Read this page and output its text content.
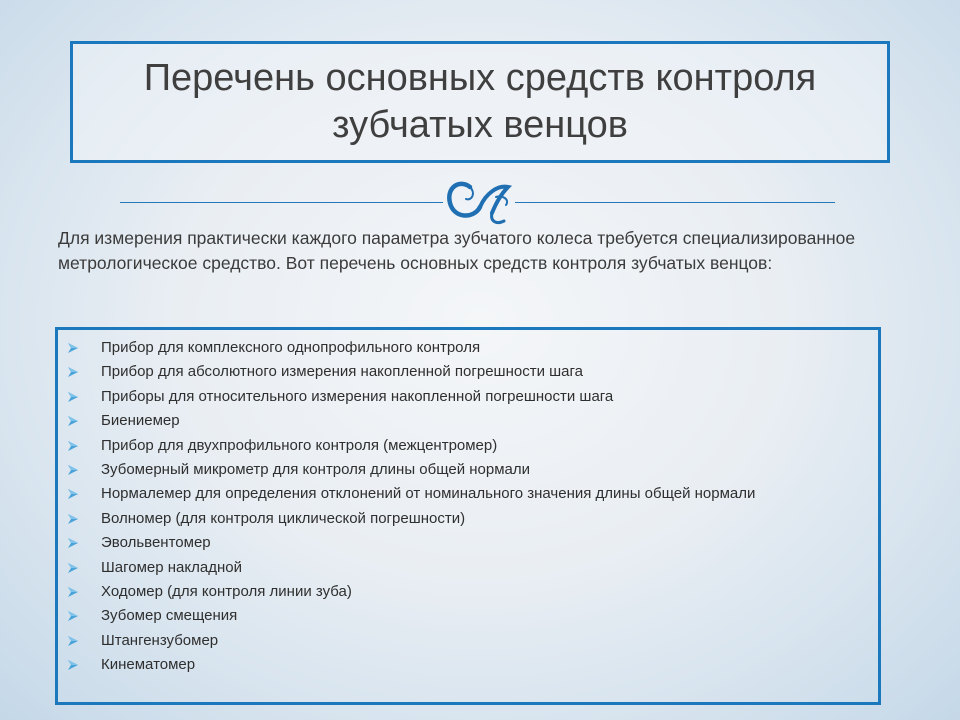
Перечень основных средств контроля зубчатых венцов

Для измерения практически каждого параметра зубчатого колеса требуется специализированное метрологическое средство. Вот перечень основных средств контроля зубчатых венцов:

Прибор для комплексного однопрофильного контроля
Прибор для абсолютного измерения накопленной погрешности шага
Приборы для относительного измерения накопленной погрешности шага
Биениемер
Прибор для двухпрофильного контроля (межцентромер)
Зубомерный микрометр для контроля длины общей нормали
Нормалемер для определения отклонений от номинального значения длины общей нормали
Волномер (для контроля циклической погрешности)
Эвольвентомер
Шагомер накладной
Ходомер (для контроля линии зуба)
Зубомер смещения
Штангензубомер
Кинематомер
